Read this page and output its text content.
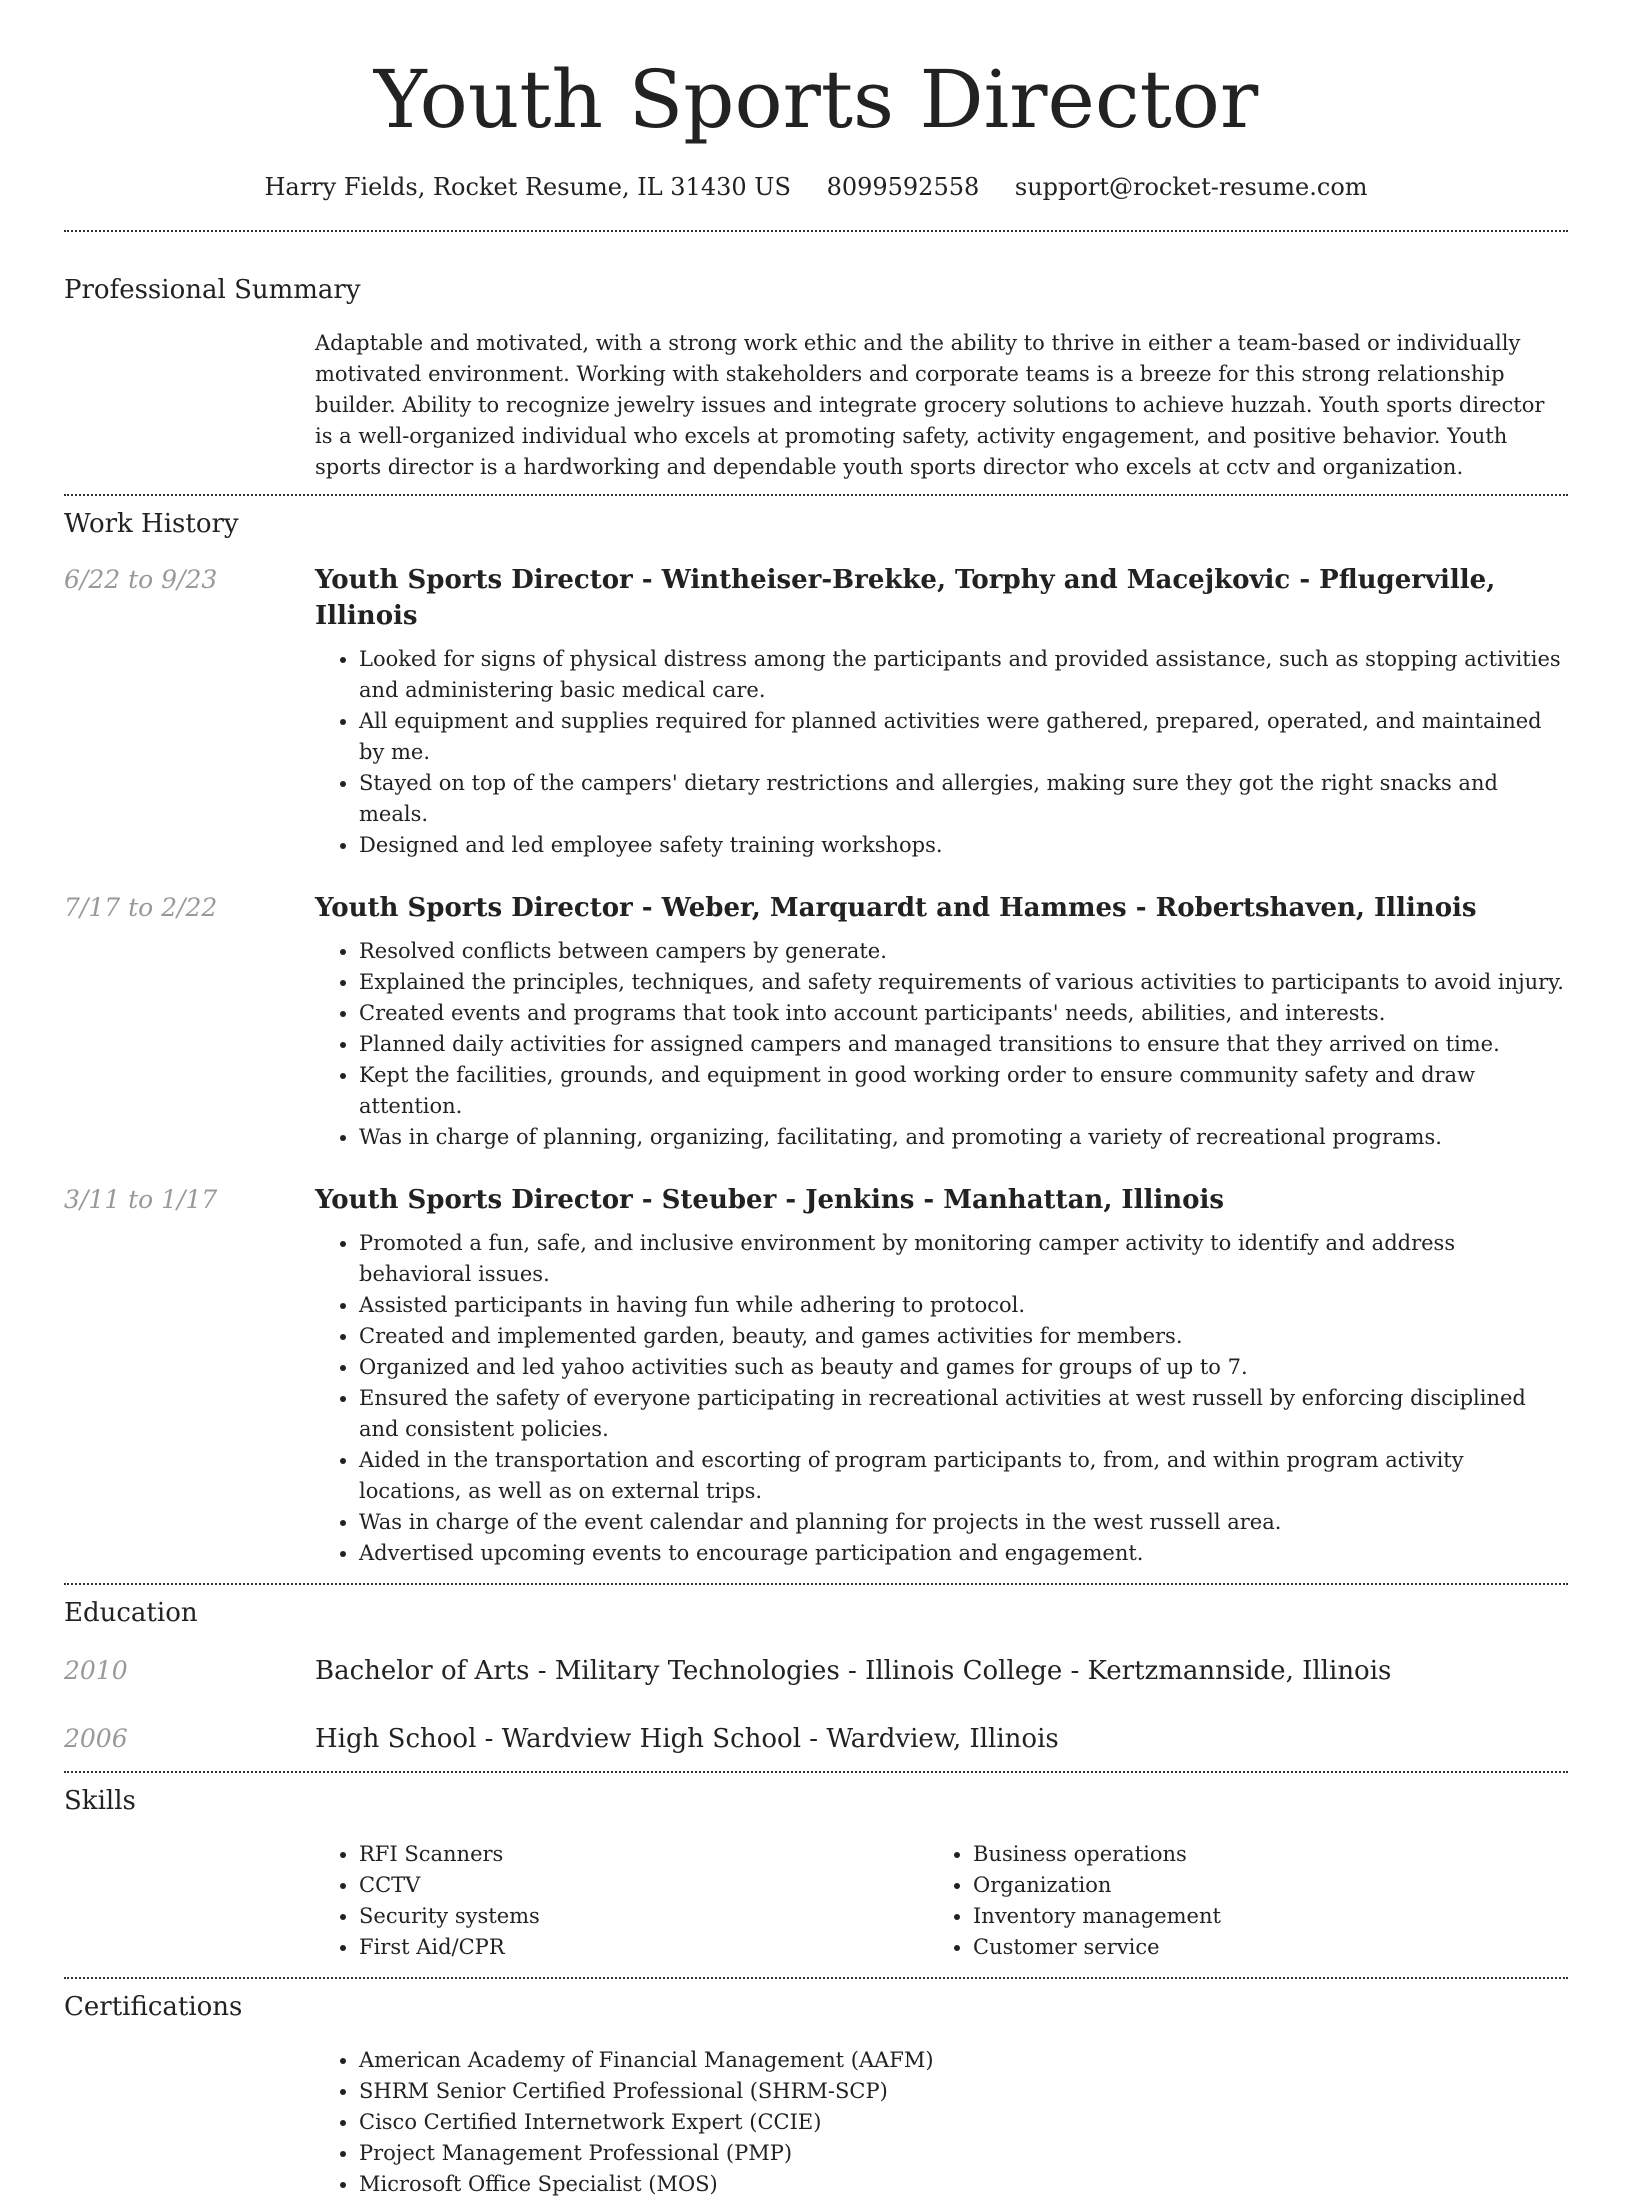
Youth Sports Director
Harry Fields, Rocket Resume, IL 31430 US 8099592558 support@rocket-resume.com
Professional Summary

Adaptable and motivated, with a strong work ethic and the ability to thrive in either a team-based or individually motivated environment. Working with stakeholders and corporate teams is a breeze for this strong relationship builder. Ability to recognize jewelry issues and integrate grocery solutions to achieve huzzah. Youth sports director is a well-organized individual who excels at promoting safety, activity engagement, and positive behavior. Youth sports director is a hardworking and dependable youth sports director who excels at cctv and organization.

Work History
6/22 to 9/23	Youth Sports Director - Wintheiser-Brekke, Torphy and Macejkovic - Pflugerville, Illinois
• Looked for signs of physical distress among the participants and provided assistance, such as stopping activities and administering basic medical care.
• All equipment and supplies required for planned activities were gathered, prepared, operated, and maintained by me.
• Stayed on top of the campers' dietary restrictions and allergies, making sure they got the right snacks and meals.
• Designed and led employee safety training workshops.
7/17 to 2/22	Youth Sports Director - Weber, Marquardt and Hammes - Robertshaven, Illinois
• Resolved conflicts between campers by generate.
• Explained the principles, techniques, and safety requirements of various activities to participants to avoid injury.
• Created events and programs that took into account participants' needs, abilities, and interests.
• Planned daily activities for assigned campers and managed transitions to ensure that they arrived on time.
• Kept the facilities, grounds, and equipment in good working order to ensure community safety and draw attention.
• Was in charge of planning, organizing, facilitating, and promoting a variety of recreational programs.
3/11 to 1/17	Youth Sports Director - Steuber - Jenkins - Manhattan, Illinois
• Promoted a fun, safe, and inclusive environment by monitoring camper activity to identify and address behavioral issues.
• Assisted participants in having fun while adhering to protocol.
• Created and implemented garden, beauty, and games activities for members.
• Organized and led yahoo activities such as beauty and games for groups of up to 7.
• Ensured the safety of everyone participating in recreational activities at west russell by enforcing disciplined and consistent policies.
• Aided in the transportation and escorting of program participants to, from, and within program activity locations, as well as on external trips.
• Was in charge of the event calendar and planning for projects in the west russell area.
• Advertised upcoming events to encourage participation and engagement.
Education
2010	Bachelor of Arts - Military Technologies - Illinois College - Kertzmannside, Illinois
2006	High School - Wardview High School - Wardview, Illinois
Skills
• RFI Scanners
• CCTV
• Security systems
• First Aid/CPR
• Business operations
• Organization
• Inventory management
• Customer service
Certifications
• American Academy of Financial Management (AAFM)
• SHRM Senior Certified Professional (SHRM-SCP)
• Cisco Certified Internetwork Expert (CCIE)
• Project Management Professional (PMP)
• Microsoft Office Specialist (MOS)
